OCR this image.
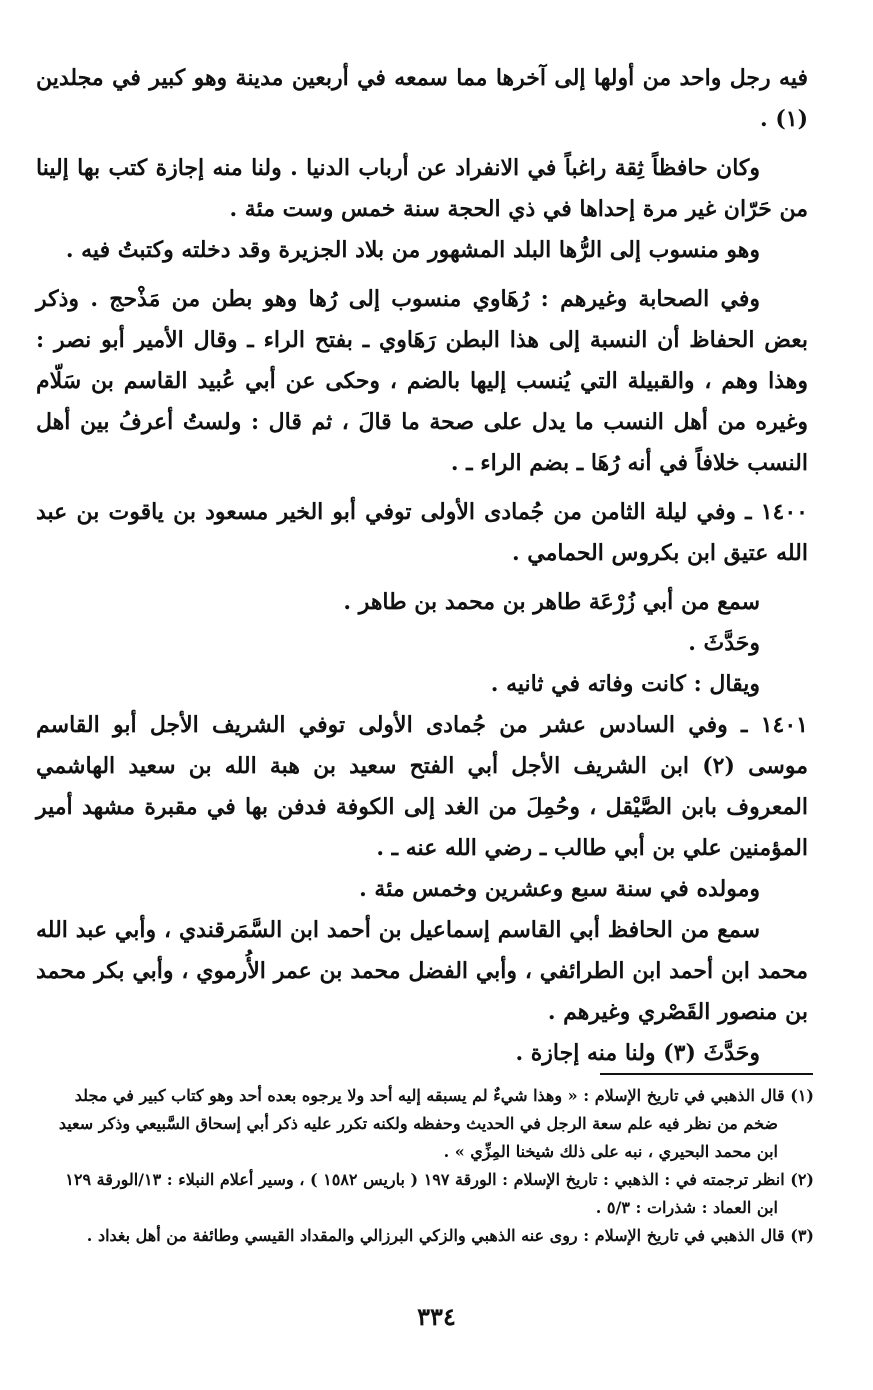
فيه رجل واحد من أولها إلى آخرها مما سمعه في أربعين مدينة وهو كبير في مجلدين (١) .

وكان حافظاً ثِقة راغباً في الانفراد عن أرباب الدنيا . ولنا منه إجازة كتب بها إلينا من حَرّان غير مرة إحداها في ذي الحجة سنة خمس وست مئة .

وهو منسوب إلى الرُّها البلد المشهور من بلاد الجزيرة وقد دخلته وكتبتُ فيه .

وفي الصحابة وغيرهم : رُهَاوي منسوب إلى رُها وهو بطن من مَذْحج . وذكر بعض الحفاظ أن النسبة إلى هذا البطن رَهَاوي ـ بفتح الراء ـ وقال الأمير أبو نصر : وهذا وهم ، والقبيلة التي يُنسب إليها بالضم ، وحكى عن أبي عُبيد القاسم بن سَلّام وغيره من أهل النسب ما يدل على صحة ما قالَ ، ثم قال : ولستُ أعرفُ بين أهل النسب خلافاً في أنه رُهَا ـ بضم الراء ـ .

١٤٠٠ ـ وفي ليلة الثامن من جُمادى الأولى توفي أبو الخير مسعود بن ياقوت بن عبد الله عتيق ابن بكروس الحمامي .

سمع من أبي زُرْعَة طاهر بن محمد بن طاهر .

وحَدَّثَ .

ويقال : كانت وفاته في ثانيه .

١٤٠١ ـ وفي السادس عشر من جُمادى الأولى توفي الشريف الأجل أبو القاسم موسى (٢) ابن الشريف الأجل أبي الفتح سعيد بن هبة الله بن سعيد الهاشمي المعروف بابن الصَّيْقل ، وحُمِلَ من الغد إلى الكوفة فدفن بها في مقبرة مشهد أمير المؤمنين علي بن أبي طالب ـ رضي الله عنه ـ .

ومولده في سنة سبع وعشرين وخمس مئة .

سمع من الحافظ أبي القاسم إسماعيل بن أحمد ابن السَّمَرقندي ، وأبي عبد الله محمد ابن أحمد ابن الطرائفي ، وأبي الفضل محمد بن عمر الأُرموي ، وأبي بكر محمد بن منصور القَصْري وغيرهم .

وحَدَّثَ (٣) ولنا منه إجازة .

(١) قال الذهبي في تاريخ الإسلام : « وهذا شيءٌ لم يسبقه إليه أحد ولا يرجوه بعده أحد وهو كتاب كبير في مجلد

ضخم من نظر فيه علم سعة الرجل في الحديث وحفظه ولكنه تكرر عليه ذكر أبي إسحاق السَّبيعي وذكر سعيد

ابن محمد البحيري ، نبه على ذلك شيخنا المِزِّي » .

(٢) انظر ترجمته في : الذهبي : تاريخ الإسلام : الورقة ١٩٧ ( باريس ١٥٨٢ ) ، وسير أعلام النبلاء : ١٣/الورقة ١٢٩

ابن العماد : شذرات : ٥/٣ .

(٣) قال الذهبي في تاريخ الإسلام : روى عنه الذهبي والزكي البرزالي والمقداد القيسي وطائفة من أهل بغداد .

٣٣٤
